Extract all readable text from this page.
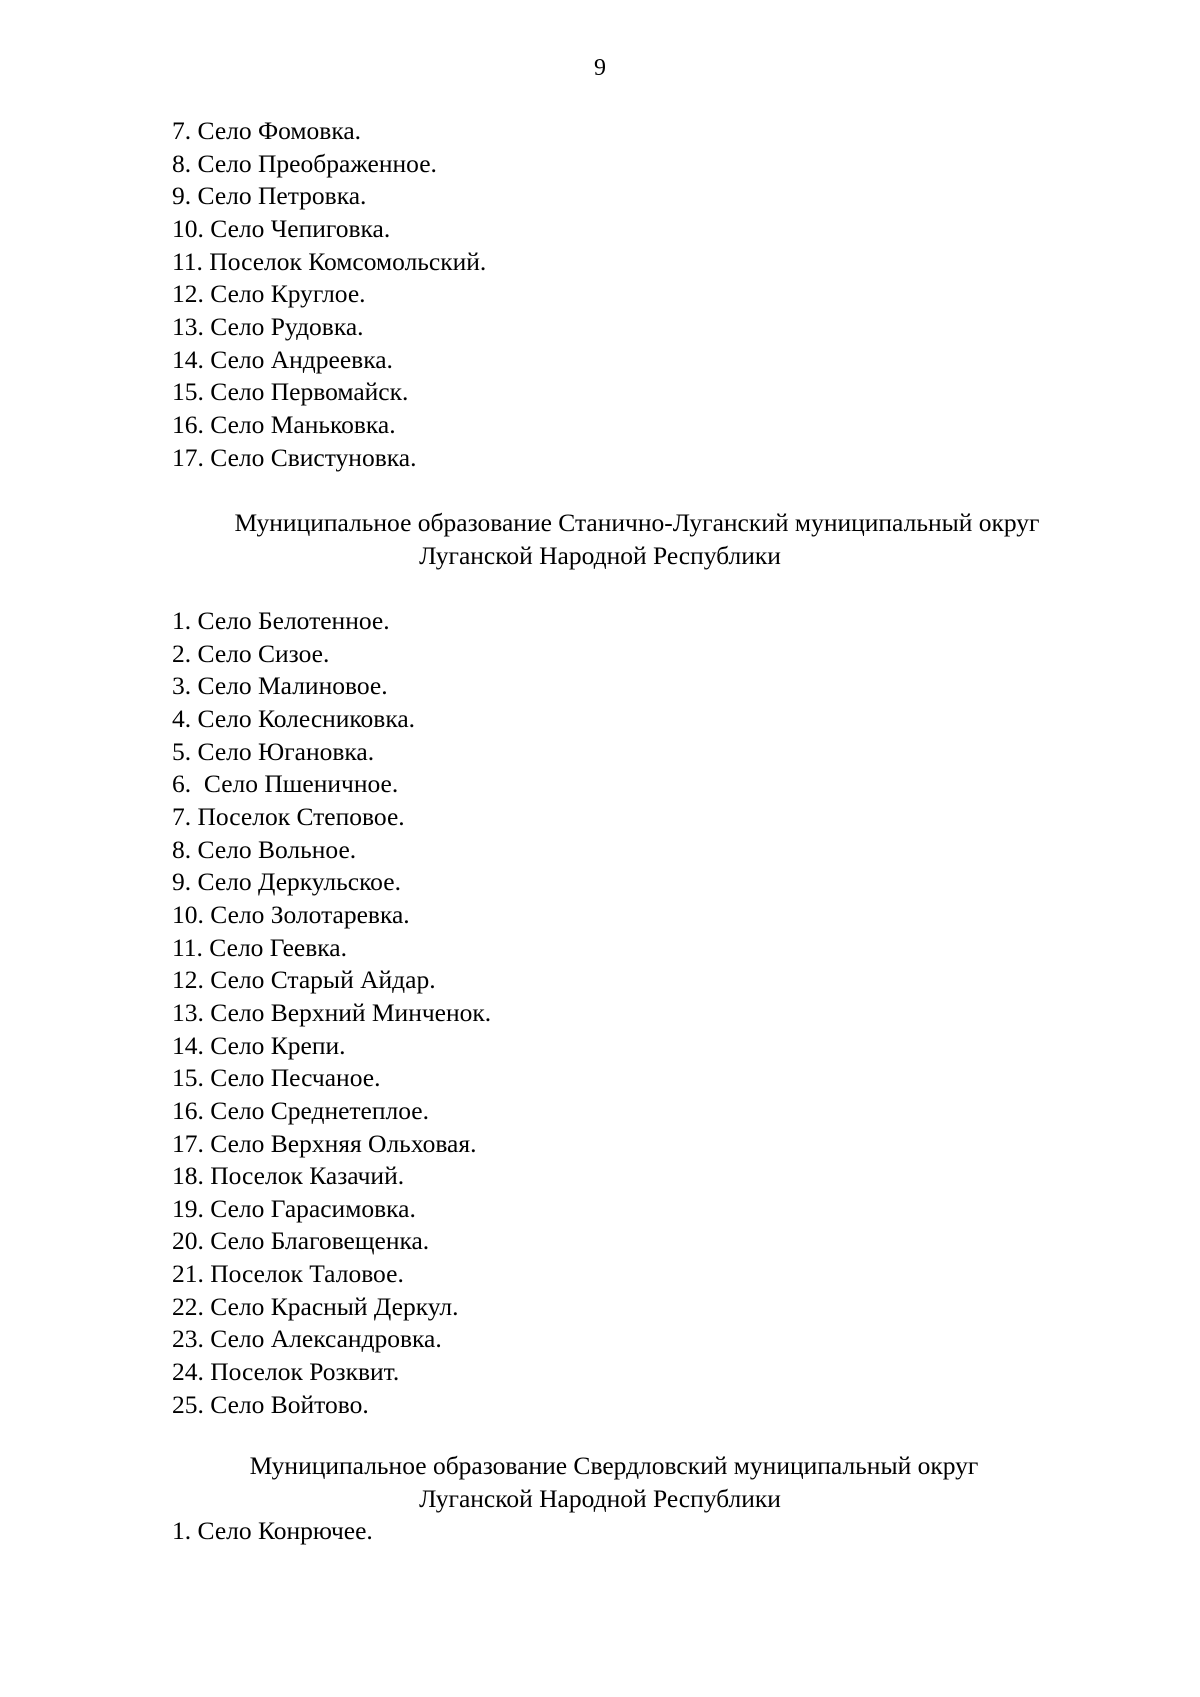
9
7. Село Фомовка.
8. Село Преображенное.
9. Село Петровка.
10. Село Чепиговка.
11. Поселок Комсомольский.
12. Село Круглое.
13. Село Рудовка.
14. Село Андреевка.
15. Село Первомайск.
16. Село Маньковка.
17. Село Свистуновка.
Муниципальное образование Станично-Луганский муниципальный округ
Луганской Народной Республики
1. Село Белотенное.
2. Село Сизое.
3. Село Малиновое.
4. Село Колесниковка.
5. Село Югановка.
6.  Село Пшеничное.
7. Поселок Степовое.
8. Село Вольное.
9. Село Деркульское.
10. Село Золотаревка.
11. Село Геевка.
12. Село Старый Айдар.
13. Село Верхний Минченок.
14. Село Крепи.
15. Село Песчаное.
16. Село Среднетеплое.
17. Село Верхняя Ольховая.
18. Поселок Казачий.
19. Село Гарасимовка.
20. Село Благовещенка.
21. Поселок Таловое.
22. Село Красный Деркул.
23. Село Александровка.
24. Поселок Розквит.
25. Село Войтово.
Муниципальное образование Свердловский муниципальный округ
Луганской Народной Республики
1. Село Конрючее.
